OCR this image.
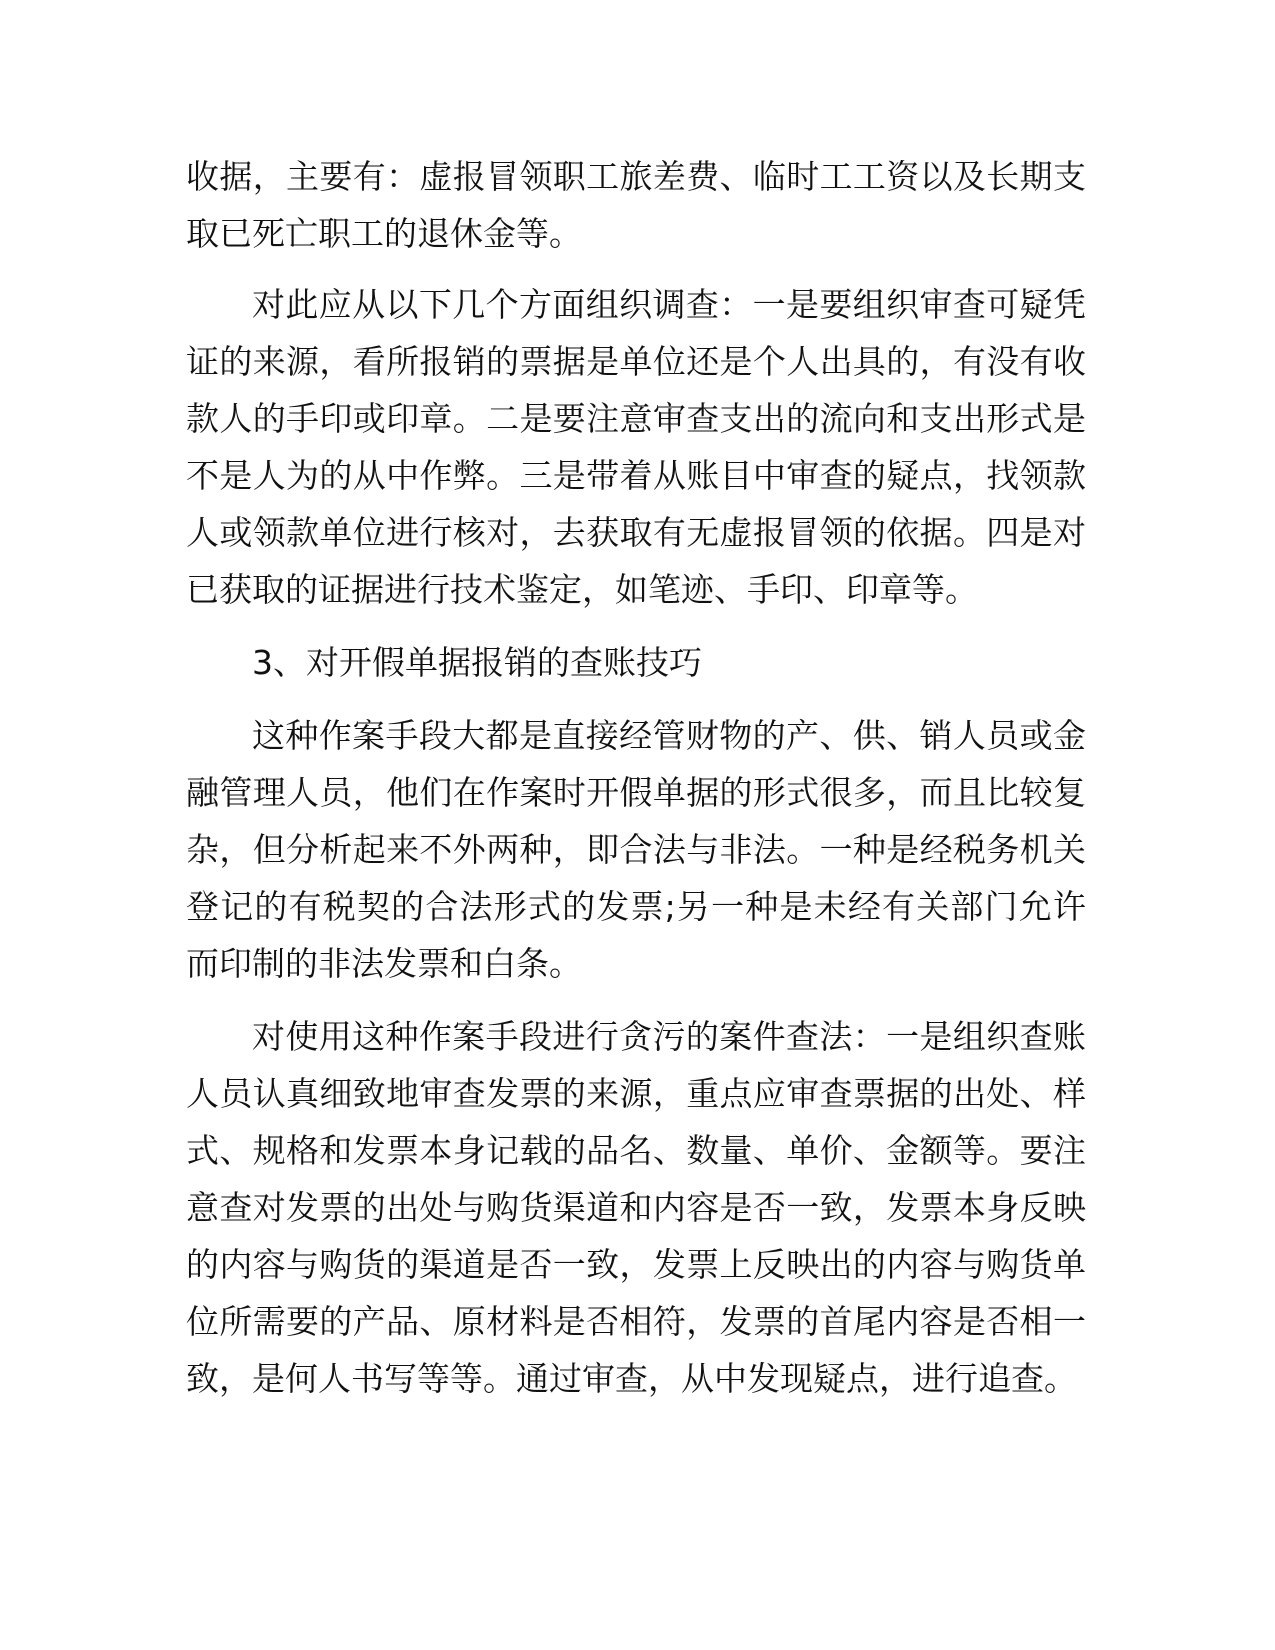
收据，主要有：虚报冒领职工旅差费、临时工工资以及长期支取已死亡职工的退休金等。

对此应从以下几个方面组织调查：一是要组织审查可疑凭证的来源，看所报销的票据是单位还是个人出具的，有没有收款人的手印或印章。二是要注意审查支出的流向和支出形式是不是人为的从中作弊。三是带着从账目中审查的疑点，找领款人或领款单位进行核对，去获取有无虚报冒领的依据。四是对已获取的证据进行技术鉴定，如笔迹、手印、印章等。

3、对开假单据报销的查账技巧

这种作案手段大都是直接经管财物的产、供、销人员或金融管理人员，他们在作案时开假单据的形式很多，而且比较复杂，但分析起来不外两种，即合法与非法。一种是经税务机关登记的有税契的合法形式的发票;另一种是未经有关部门允许而印制的非法发票和白条。

对使用这种作案手段进行贪污的案件查法：一是组织查账人员认真细致地审查发票的来源，重点应审查票据的出处、样式、规格和发票本身记载的品名、数量、单价、金额等。要注意查对发票的出处与购货渠道和内容是否一致，发票本身反映的内容与购货的渠道是否一致，发票上反映出的内容与购货单位所需要的产品、原材料是否相符，发票的首尾内容是否相一致，是何人书写等等。通过审查，从中发现疑点，进行追查。
